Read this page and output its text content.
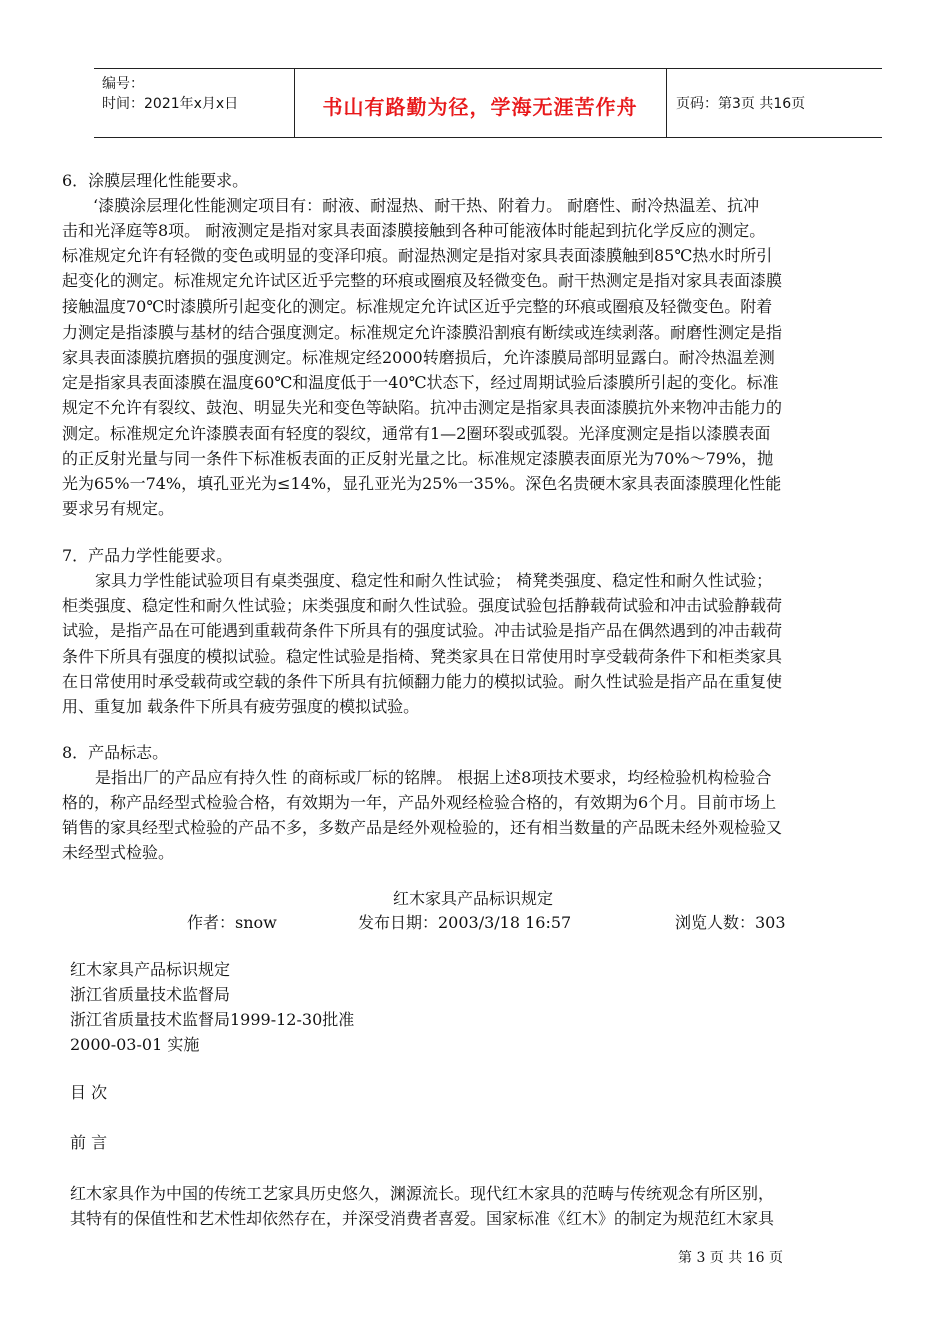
编号：
时间：2021年x月x日	书山有路勤为径，学海无涯苦作舟	页码：第3页 共16页
6．涂膜层理化性能要求。
‘漆膜涂层理化性能测定项目有：耐液、耐湿热、耐干热、附着力。 耐磨性、耐冷热温差、抗冲
击和光泽庭等8项。 耐液测定是指对家具表面漆膜接触到各种可能液体时能起到抗化学反应的测定。
标准规定允许有轻微的变色或明显的变泽印痕。耐湿热测定是指对家具表面漆膜触到85℃热水时所引
起变化的测定。标准规定允许试区近乎完整的环痕或圈痕及轻微变色。耐干热测定是指对家具表面漆膜
接触温度70℃时漆膜所引起变化的测定。标准规定允许试区近乎完整的环痕或圈痕及轻微变色。附着
力测定是指漆膜与基材的结合强度测定。标准规定允许漆膜沿割痕有断续或连续剥落。耐磨性测定是指
家具表面漆膜抗磨损的强度测定。标准规定经2000转磨损后，允许漆膜局部明显露白。耐冷热温差测
定是指家具表面漆膜在温度60℃和温度低于一40℃状态下，经过周期试验后漆膜所引起的变化。标准
规定不允许有裂纹、鼓泡、明显失光和变色等缺陷。抗冲击测定是指家具表面漆膜抗外来物冲击能力的
测定。标准规定允许漆膜表面有轻度的裂纹，通常有1—2圈环裂或弧裂。光泽度测定是指以漆膜表面
的正反射光量与同一条件下标准板表面的正反射光量之比。标准规定漆膜表面原光为70%～79%，抛
光为65%一74%，填孔亚光为≤14%，显孔亚光为25%一35%。深色名贵硬木家具表面漆膜理化性能
要求另有规定。
7．产品力学性能要求。
家具力学性能试验项目有桌类强度、稳定性和耐久性试验； 椅凳类强度、稳定性和耐久性试验；
柜类强度、稳定性和耐久性试验；床类强度和耐久性试验。强度试验包括静载荷试验和冲击试验静载荷
试验，是指产品在可能遇到重载荷条件下所具有的强度试验。冲击试验是指产品在偶然遇到的冲击载荷
条件下所具有强度的模拟试验。稳定性试验是指椅、凳类家具在日常使用时享受载荷条件下和柜类家具
在日常使用时承受载荷或空载的条件下所具有抗倾翻力能力的模拟试验。耐久性试验是指产品在重复使
用、重复加 载条件下所具有疲劳强度的模拟试验。
8．产品标志。
是指出厂的产品应有持久性 的商标或厂标的铭牌。 根据上述8项技术要求，均经检验机构检验合
格的，称产品经型式检验合格，有效期为一年，产品外观经检验合格的，有效期为6个月。目前市场上
销售的家具经型式检验的产品不多，多数产品是经外观检验的，还有相当数量的产品既未经外观检验又
未经型式检验。
红木家具产品标识规定
作者：snow	发布日期：2003/3/18 16:57	浏览人数：303
红木家具产品标识规定
浙江省质量技术监督局
浙江省质量技术监督局1999-12-30批准
2000-03-01 实施
目 次
前 言
红木家具作为中国的传统工艺家具历史悠久，渊源流长。现代红木家具的范畴与传统观念有所区别，
其特有的保值性和艺术性却依然存在，并深受消费者喜爱。国家标准《红木》的制定为规范红木家具
第 3 页 共 16 页
